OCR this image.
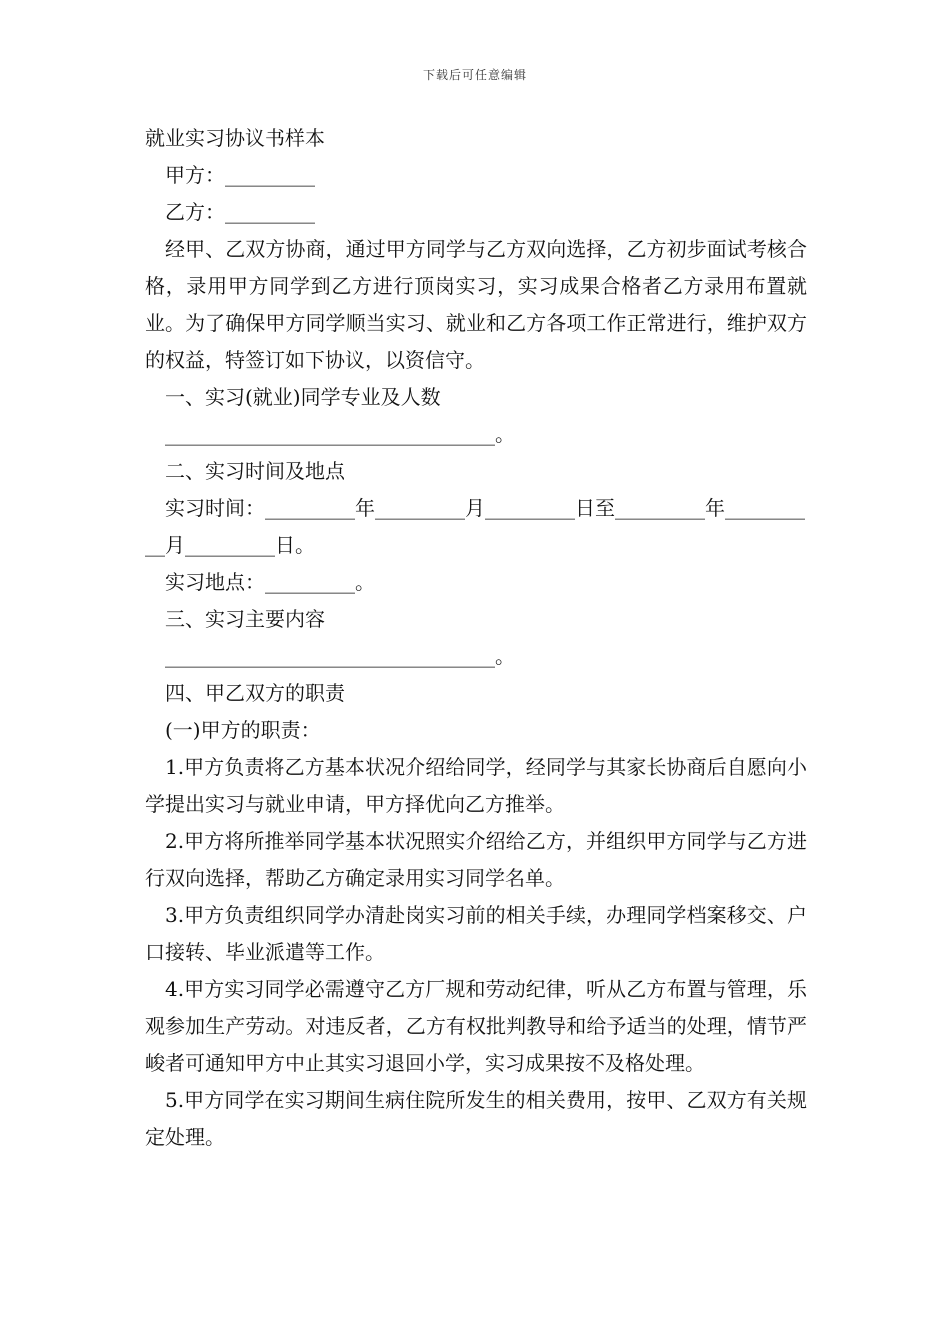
下载后可任意编辑

就业实习协议书样本

甲方：_________

乙方：_________

经甲、乙双方协商，通过甲方同学与乙方双向选择，乙方初步面试考核合格，录用甲方同学到乙方进行顶岗实习，实习成果合格者乙方录用布置就业。为了确保甲方同学顺当实习、就业和乙方各项工作正常进行，维护双方的权益，特签订如下协议，以资信守。

一、实习(就业)同学专业及人数

_________________________________。

二、实习时间及地点

实习时间：_________年_________月_________日至_________年__________月_________日。

实习地点：_________。

三、实习主要内容

_________________________________。

四、甲乙双方的职责

(一)甲方的职责：

1.甲方负责将乙方基本状况介绍给同学，经同学与其家长协商后自愿向小学提出实习与就业申请，甲方择优向乙方推举。

2.甲方将所推举同学基本状况照实介绍给乙方，并组织甲方同学与乙方进行双向选择，帮助乙方确定录用实习同学名单。

3.甲方负责组织同学办清赴岗实习前的相关手续，办理同学档案移交、户口接转、毕业派遣等工作。

4.甲方实习同学必需遵守乙方厂规和劳动纪律，听从乙方布置与管理，乐观参加生产劳动。对违反者，乙方有权批判教导和给予适当的处理，情节严峻者可通知甲方中止其实习退回小学，实习成果按不及格处理。

5.甲方同学在实习期间生病住院所发生的相关费用，按甲、乙双方有关规定处理。
